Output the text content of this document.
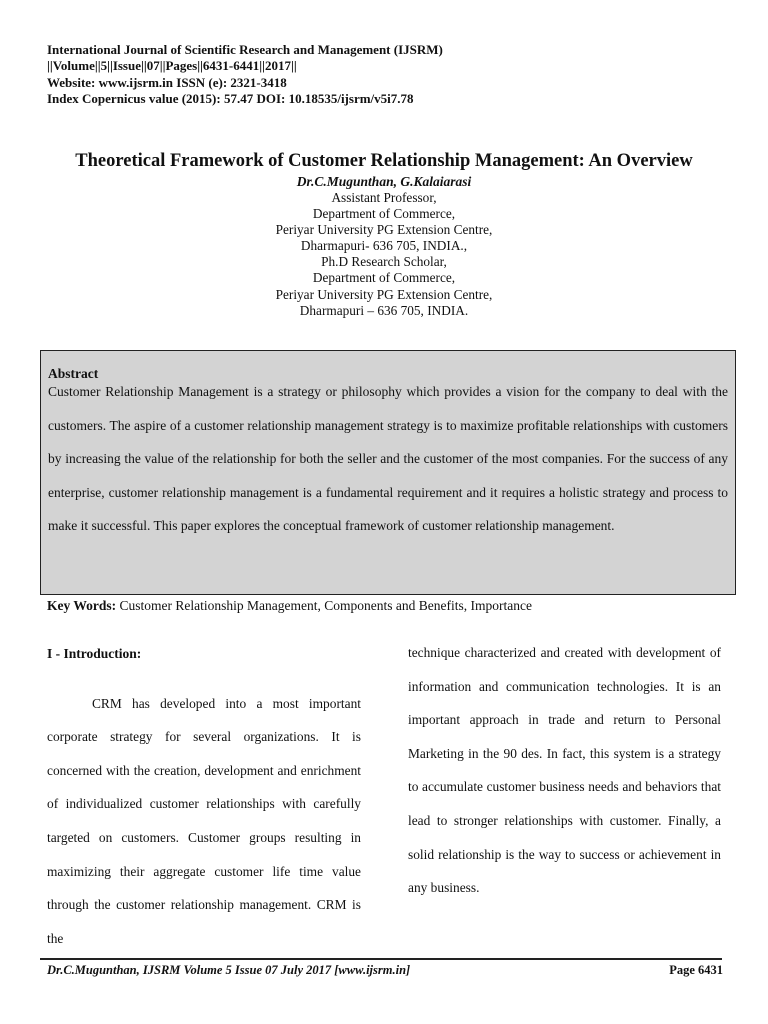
International Journal of Scientific Research and Management (IJSRM)
||Volume||5||Issue||07||Pages||6431-6441||2017||
Website: www.ijsrm.in ISSN (e): 2321-3418
Index Copernicus value (2015): 57.47 DOI: 10.18535/ijsrm/v5i7.78
Theoretical Framework of Customer Relationship Management: An Overview
Dr.C.Mugunthan, G.Kalaiarasi
Assistant Professor,
Department of Commerce,
Periyar University PG Extension Centre,
Dharmapuri- 636 705, INDIA.,
Ph.D Research Scholar,
Department of Commerce,
Periyar University PG Extension Centre,
Dharmapuri – 636 705, INDIA.
Abstract
Customer Relationship Management is a strategy or philosophy which provides a vision for the company to deal with the customers. The aspire of a customer relationship management strategy is to maximize profitable relationships with customers by increasing the value of the relationship for both the seller and the customer of the most companies. For the success of any enterprise, customer relationship management is a fundamental requirement and it requires a holistic strategy and process to make it successful. This paper explores the conceptual framework of customer relationship management.
Key Words: Customer Relationship Management, Components and Benefits, Importance
I - Introduction:

CRM has developed into a most important corporate strategy for several organizations. It is concerned with the creation, development and enrichment of individualized customer relationships with carefully targeted on customers. Customer groups resulting in maximizing their aggregate customer life time value through the customer relationship management. CRM is the

technique characterized and created with development of information and communication technologies. It is an important approach in trade and return to Personal Marketing in the 90 des. In fact, this system is a strategy to accumulate customer business needs and behaviors that lead to stronger relationships with customer. Finally, a solid relationship is the way to success or achievement in any business.

Dr.C.Mugunthan, IJSRM Volume 5 Issue 07 July 2017 [www.ijsrm.in]	Page 6431
